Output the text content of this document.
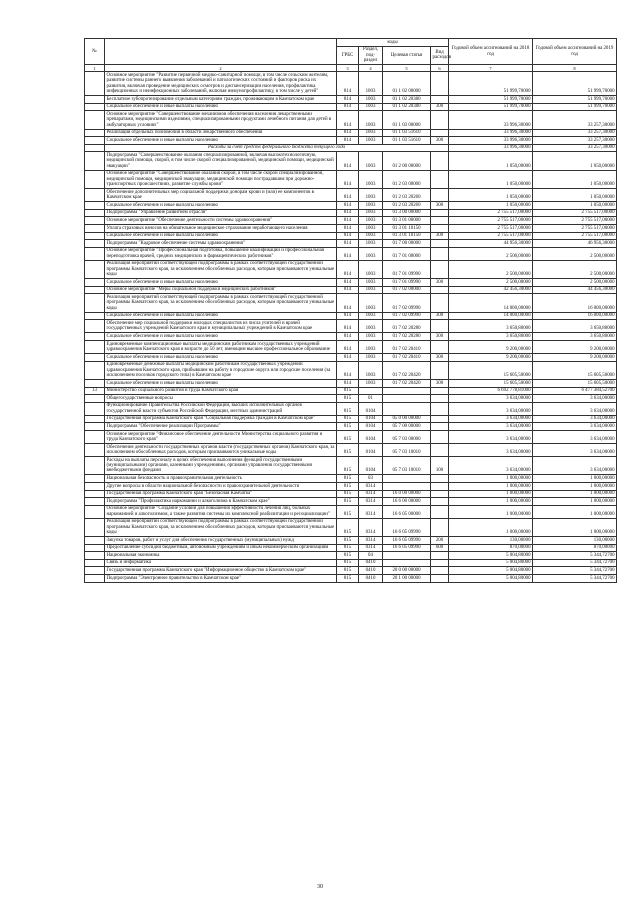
№		коды				Годовой объем ассигнований на 2018 год	Годовой объем ассигнований на 2019 год
		ГРБС	Раздел, под-раздел	Целевая статья	Вид расходов		
1	2	3	4	5	6	7	8
	Основное мероприятие "Развитие первичной медико-санитарной помощи, в том числе сельским жителям, развитие системы раннего выявления заболеваний и патологических состояний и факторов риска их развития, включая проведение медицинских осмотров и диспансеризации населения, профилактика инфекционных и неинфекционных заболеваний, включая иммунопрофилактику, в том числе у детей"	814	1003	01 1 02 00000		51 999,70000	51 999,70000
	Бесплатное зубопротезирование отдельным категориям граждан, проживающим в Камчатском крае	814	1003	01 1 02 20380		51 999,70000	51 999,70000
	Социальное обеспечение и иные выплаты населению	814	1003	01 1 02 20380	300	51 999,70000	51 999,70000
	Основное мероприятие "Совершенствование механизмов обеспечения населения лекарственными препаратами, медицинскими изделиями, специализированными продуктами лечебного питания для детей в амбулаторных условиях"	814	1003	01 1 03 00000		33 996,30000	33 257,30000
	Реализация отдельных полномочий в области лекарственного обеспечения	814	1003	01 1 03 51610		33 996,30000	33 257,30000
	Социальное обеспечение и иные выплаты населению	814	1003	01 1 03 51610	300	33 996,30000	33 257,30000
	Расходы за счет средств федерального бюджета текущего года					33 996,30000	33 257,30000
	Подпрограмма "Совершенствование оказания специализированной, включая высокотехнологичную, медицинской помощи, скорой, в том числе скорой специализированной, медицинской помощи, медицинской эвакуации"	814	1003	01 2 00 00000		1 050,00000	1 050,00000
	Основное мероприятие "Совершенствование оказания скорой, в том числе скорой специализированной, медицинской помощи, медицинской эвакуации, медицинской помощи пострадавшим при дорожно-транспортных происшествиях, развитие службы крови"	814	1003	01 2 03 00000		1 050,00000	1 050,00000
	Обеспечение дополнительных мер социальной поддержки донорам крови и (или) ее компонентов в Камчатском крае	814	1003	01 2 03 20260		1 050,00000	1 050,00000
	Социальное обеспечение и иные выплаты населению	814	1003	01 2 03 20260	300	1 050,00000	1 050,00000
	Подпрограмма "Управление развитием отрасли"	814	1003	01 3 00 00000		2 755 517,00000	2 755 517,00000
	Основное мероприятие "Обеспечение деятельности системы здравоохранения"	814	1003	01 3 01 00000		2 755 517,00000	2 755 517,00000
	Уплата страховых взносов на обязательное медицинское страхование неработающего населения	814	1003	01 3 01 10150		2 755 517,00000	2 755 517,00000
	Социальное обеспечение и иные выплаты населению	814	1003	01 3 01 10150	300	2 755 517,00000	2 755 517,00000
	Подпрограмма "Кадровое обеспечение системы здравоохранения"	814	1003	01 7 00 00000		44 956,30000	46 956,30000
	Основное мероприятие "Профессиональная подготовка, повышение квалификации и профессиональная переподготовка врачей, средних медицинских и фармацевтических работников"	814	1003	01 7 01 00000		2 500,00000	2 500,00000
	Реализация мероприятий соответствующей подпрограммы в рамках соответствующей государственной программы Камчатского края, за исключением обособленных расходов, которым присваиваются уникальные коды	814	1003	01 7 01 09990		2 500,00000	2 500,00000
	Социальное обеспечение и иные выплаты населению	814	1003	01 7 01 09990	300	2 500,00000	2 500,00000
	Основное мероприятие "Меры социальной поддержки медицинских работников"	814	1003	01 7 02 00000		42 456,30000	44 456,30000
	Реализация мероприятий соответствующей подпрограммы в рамках соответствующей государственной программы Камчатского края, за исключением обособленных расходов, которым присваиваются уникальные коды	814	1003	01 7 02 09990		14 000,00000	16 000,00000
	Социальное обеспечение и иные выплаты населению	814	1003	01 7 02 09990	300	14 000,00000	16 000,00000
	Обеспечение мер социальной поддержки молодых специалистов из числа учителей и врачей государственных учреждений Камчатского края и муниципальных учреждений в Камчатском крае	814	1003	01 7 02 20280		3 650,80000	3 650,80000
	Социальное обеспечение и иные выплаты населению	814	1003	01 7 02 20280	300	3 650,80000	3 650,80000
	Единовременные компенсационные выплаты медицинским работникам государственных учреждений здравоохранения Камчатского края в возрасте до 50 лет, имеющим высшее профессиональное образование	814	1003	01 7 02 20410		9 200,00000	9 200,00000
	Социальное обеспечение и иные выплаты населению	814	1003	01 7 02 20410	300	9 200,00000	9 200,00000
	Единовременные денежные выплаты медицинским работникам государственных учреждений здравоохранения Камчатского края, прибывшим на работу в городские округа или городские поселения (за исключением поселков городского типа) в Камчатском крае	814	1003	01 7 02 20420		15 605,50000	15 605,50000
	Социальное обеспечение и иные выплаты населению	814	1003	01 7 02 20420	300	15 605,50000	15 605,50000
13	Министерство социального развития и труда Камчатского края	815				6 692 778,81000	6 477 384,52700
	Общегосударственные вопросы	815	01			3 634,00000	3 634,00000
	Функционирование Правительства Российской Федерации, высших исполнительных органов государственной власти субъектов Российской Федерации, местных администраций	815	0104			3 634,00000	3 634,00000
	Государственная программа Камчатского края "Социальная поддержка граждан в Камчатском крае"	815	0104	05 0 00 00000		3 634,00000	3 634,00000
	Подпрограмма "Обеспечение реализации Программы"	815	0104	05 7 00 00000		3 634,00000	3 634,00000
	Основное мероприятие "Финансовое обеспечение деятельности Министерства социального развития и труда Камчатского края"	815	0104	05 7 03 00000		3 634,00000	3 634,00000
	Обеспечение деятельности государственных органов власти (государственных органов) Камчатского края, за исключением обособленных расходов, которым присваиваются уникальные коды	815	0104	05 7 03 10010		3 634,00000	3 634,00000
	Расходы на выплаты персоналу в целях обеспечения выполнения функций государственными (муниципальными) органами, казенными учреждениями, органами управления государственными внебюджетными фондами	815	0104	05 7 03 10010	100	3 634,00000	3 634,00000
	Национальная безопасность и правоохранительная деятельность	815	03			1 000,00000	1 000,00000
	Другие вопросы в области национальной безопасности и правоохранительной деятельности	815	0314			1 000,00000	1 000,00000
	Государственная программа Камчатского края "Безопасная Камчатка"	815	0314	16 0 00 00000		1 000,00000	1 000,00000
	Подпрограмма "Профилактика наркомании и алкоголизма в Камчатском крае"	815	0314	16 6 00 00000		1 000,00000	1 000,00000
	Основное мероприятие "Создание условий для повышения эффективности лечения лиц, больных наркоманией и алкоголизмом, а также развития системы их комплексной реабилитации и ресоциализации"	815	0314	16 6 05 00000		1 000,00000	1 000,00000
	Реализация мероприятий соответствующей подпрограммы в рамках соответствующей государственной программы Камчатского края, за исключением обособленных расходов, которым присваиваются уникальные коды	815	0314	16 6 05 09990		1 000,00000	1 000,00000
	Закупка товаров, работ и услуг для обеспечения государственных (муниципальных) нужд	815	0314	16 6 05 09990	200	130,00000	130,00000
	Предоставление субсидий бюджетным, автономным учреждениям и иным некоммерческим организациям	815	0314	16 6 05 09990	600	870,00000	870,00000
	Национальная экономика	815	04			5 004,80000	5 344,72700
	Связь и информатика	815	0410			5 004,80000	5 344,72700
	Государственная программа Камчатского края "Информационное общество в Камчатском крае"	815	0410	20 0 00 00000		5 004,80000	5 344,72700
	Подпрограмма "Электронное правительство в Камчатском крае"	815	0410	20 1 00 00000		5 004,80000	5 344,72700
30
